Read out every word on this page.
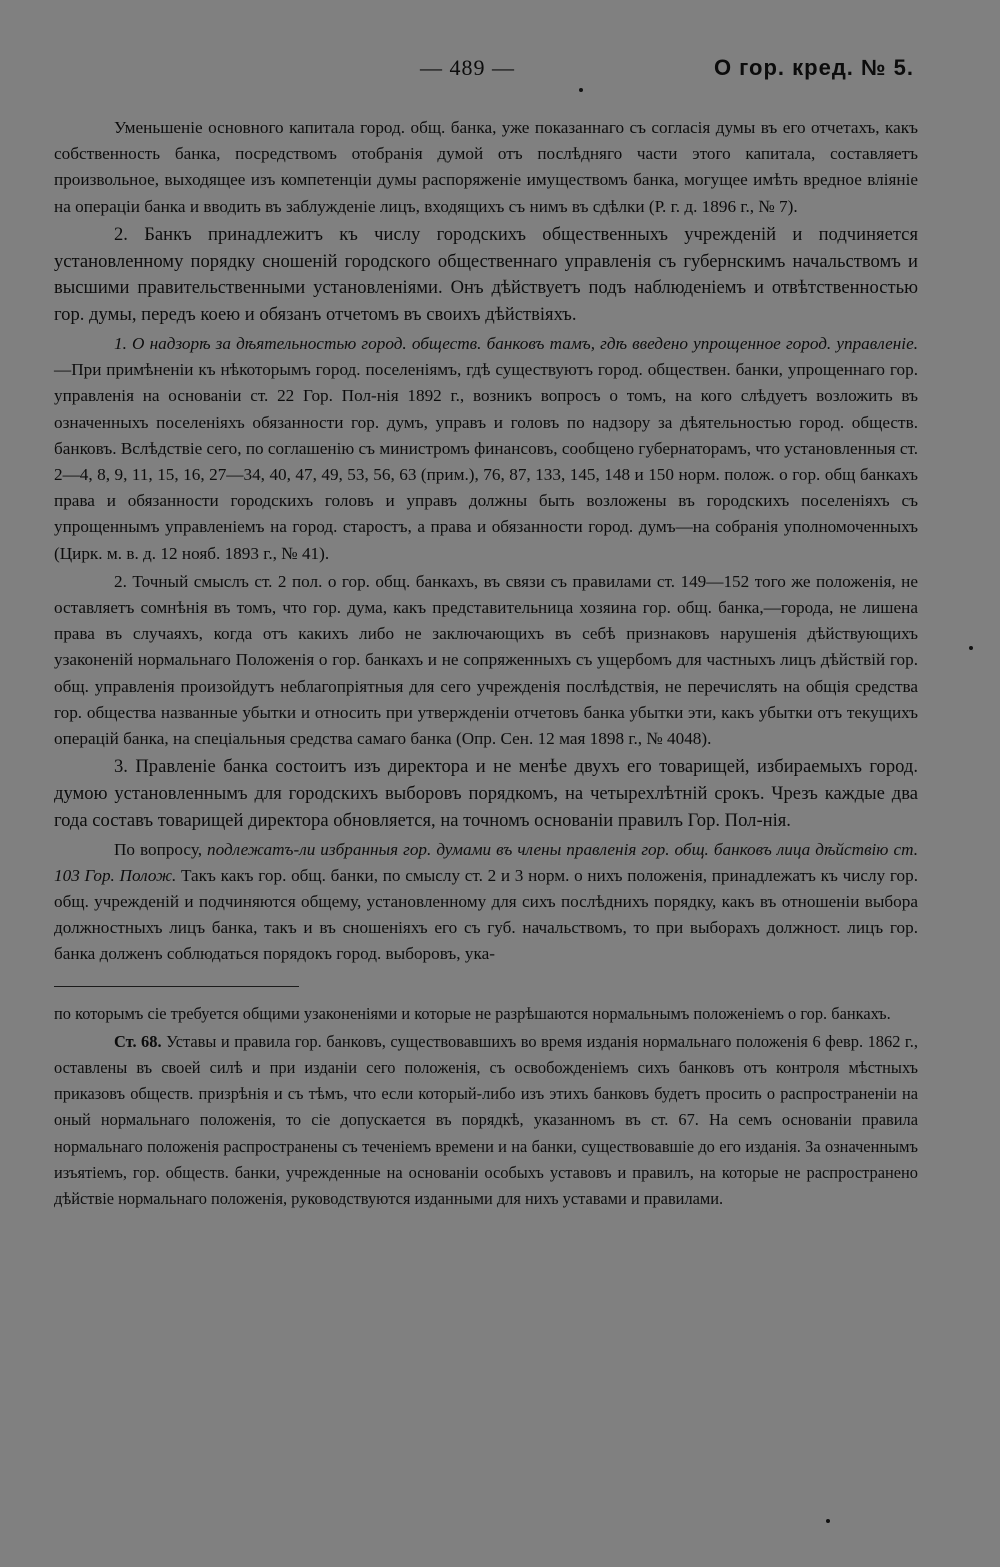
— 489 —	О гор. кред. № 5.

Уменьшеніе основного капитала город. общ. банка, уже показаннаго съ согласія думы въ его отчетахъ, какъ собственность банка, посредствомъ отобранія думой отъ послѣдняго части этого капитала, составляетъ произвольное, выходящее изъ компетенціи думы распоряженіе имуществомъ банка, могущее имѣть вредное вліяніе на операціи банка и вводить въ заблужденіе лицъ, входящихъ съ нимъ въ сдѣлки (Р. г. д. 1896 г., № 7).

2. Банкъ принадлежитъ къ числу городскихъ общественныхъ учрежденій и подчиняется установленному порядку сношеній городского общественнаго управленія съ губернскимъ начальствомъ и высшими правительственными установленіями. Онъ дѣйствуетъ подъ наблюденіемъ и отвѣтственностью гор. думы, передъ коею и обязанъ отчетомъ въ своихъ дѣйствіяхъ.

1. О надзорѣ за дѣятельностью город. обществ. банковъ тамъ, гдѣ введено упрощенное город. управленіе.—При примѣненіи къ нѣкоторымъ город. поселеніямъ, гдѣ существуютъ город. обществен. банки, упрощеннаго гор. управленія на основаніи ст. 22 Гор. Пол-нія 1892 г., возникъ вопросъ о томъ, на кого слѣдуетъ возложить въ означенныхъ поселеніяхъ обязанности гор. думъ, управъ и головъ по надзору за дѣятельностью город. обществ. банковъ. Вслѣдствіе сего, по соглашенію съ министромъ финансовъ, сообщено губернаторамъ, что установленныя ст. 2—4, 8, 9, 11, 15, 16, 27—34, 40, 47, 49, 53, 56, 63 (прим.), 76, 87, 133, 145, 148 и 150 норм. полож. о гор. общ банкахъ права и обязанности городскихъ головъ и управъ должны быть возложены въ городскихъ поселеніяхъ съ упрощеннымъ управленіемъ на город. старостъ, а права и обязанности город. думъ—на собранія уполномоченныхъ (Цирк. м. в. д. 12 нояб. 1893 г., № 41).

2. Точный смыслъ ст. 2 пол. о гор. общ. банкахъ, въ связи съ правилами ст. 149—152 того же положенія, не оставляетъ сомнѣнія въ томъ, что гор. дума, какъ представительница хозяина гор. общ. банка,—города, не лишена права въ случаяхъ, когда отъ какихъ либо не заключающихъ въ себѣ признаковъ нарушенія дѣйствующихъ узаконеній нормальнаго Положенія о гор. банкахъ и не сопряженныхъ съ ущербомъ для частныхъ лицъ дѣйствій гор. общ. управленія произойдутъ неблагопріятныя для сего учрежденія послѣдствія, не перечислять на общія средства гор. общества названные убытки и относить при утвержденіи отчетовъ банка убытки эти, какъ убытки отъ текущихъ операцій банка, на спеціальныя средства самаго банка (Опр. Сен. 12 мая 1898 г., № 4048).

3. Правленіе банка состоитъ изъ директора и не менѣе двухъ его товарищей, избираемыхъ город. думою установленнымъ для городскихъ выборовъ порядкомъ, на четырехлѣтній срокъ. Чрезъ каждые два года составъ товарищей директора обновляется, на точномъ основаніи правилъ Гор. Пол-нія.

По вопросу, подлежатъ-ли избранныя гор. думами въ члены правленія гор. общ. банковъ лица дѣйствію ст. 103 Гор. Полож. Такъ какъ гор. общ. банки, по смыслу ст. 2 и 3 норм. о нихъ положенія, принадлежатъ къ числу гор. общ. учрежденій и подчиняются общему, установленному для сихъ послѣднихъ порядку, какъ въ отношеніи выбора должностныхъ лицъ банка, такъ и въ сношеніяхъ его съ губ. начальствомъ, то при выборахъ должност. лицъ гор. банка долженъ соблюдаться порядокъ город. выборовъ, ука-

по которымъ сіе требуется общими узаконеніями и которые не разрѣшаются нормальнымъ положеніемъ о гор. банкахъ.

Ст. 68. Уставы и правила гор. банковъ, существовавшихъ во время изданія нормальнаго положенія 6 февр. 1862 г., оставлены въ своей силѣ и при изданіи сего положенія, съ освобожденіемъ сихъ банковъ отъ контроля мѣстныхъ приказовъ обществ. призрѣнія и съ тѣмъ, что если который-либо изъ этихъ банковъ будетъ просить о распространеніи на оный нормальнаго положенія, то сіе допускается въ порядкѣ, указанномъ въ ст. 67. На семъ основаніи правила нормальнаго положенія распространены съ теченіемъ времени и на банки, существовавшіе до его изданія. За означеннымъ изъятіемъ, гор. обществ. банки, учрежденные на основаніи особыхъ уставовъ и правилъ, на которые не распространено дѣйствіе нормальнаго положенія, руководствуются изданными для нихъ уставами и правилами.
